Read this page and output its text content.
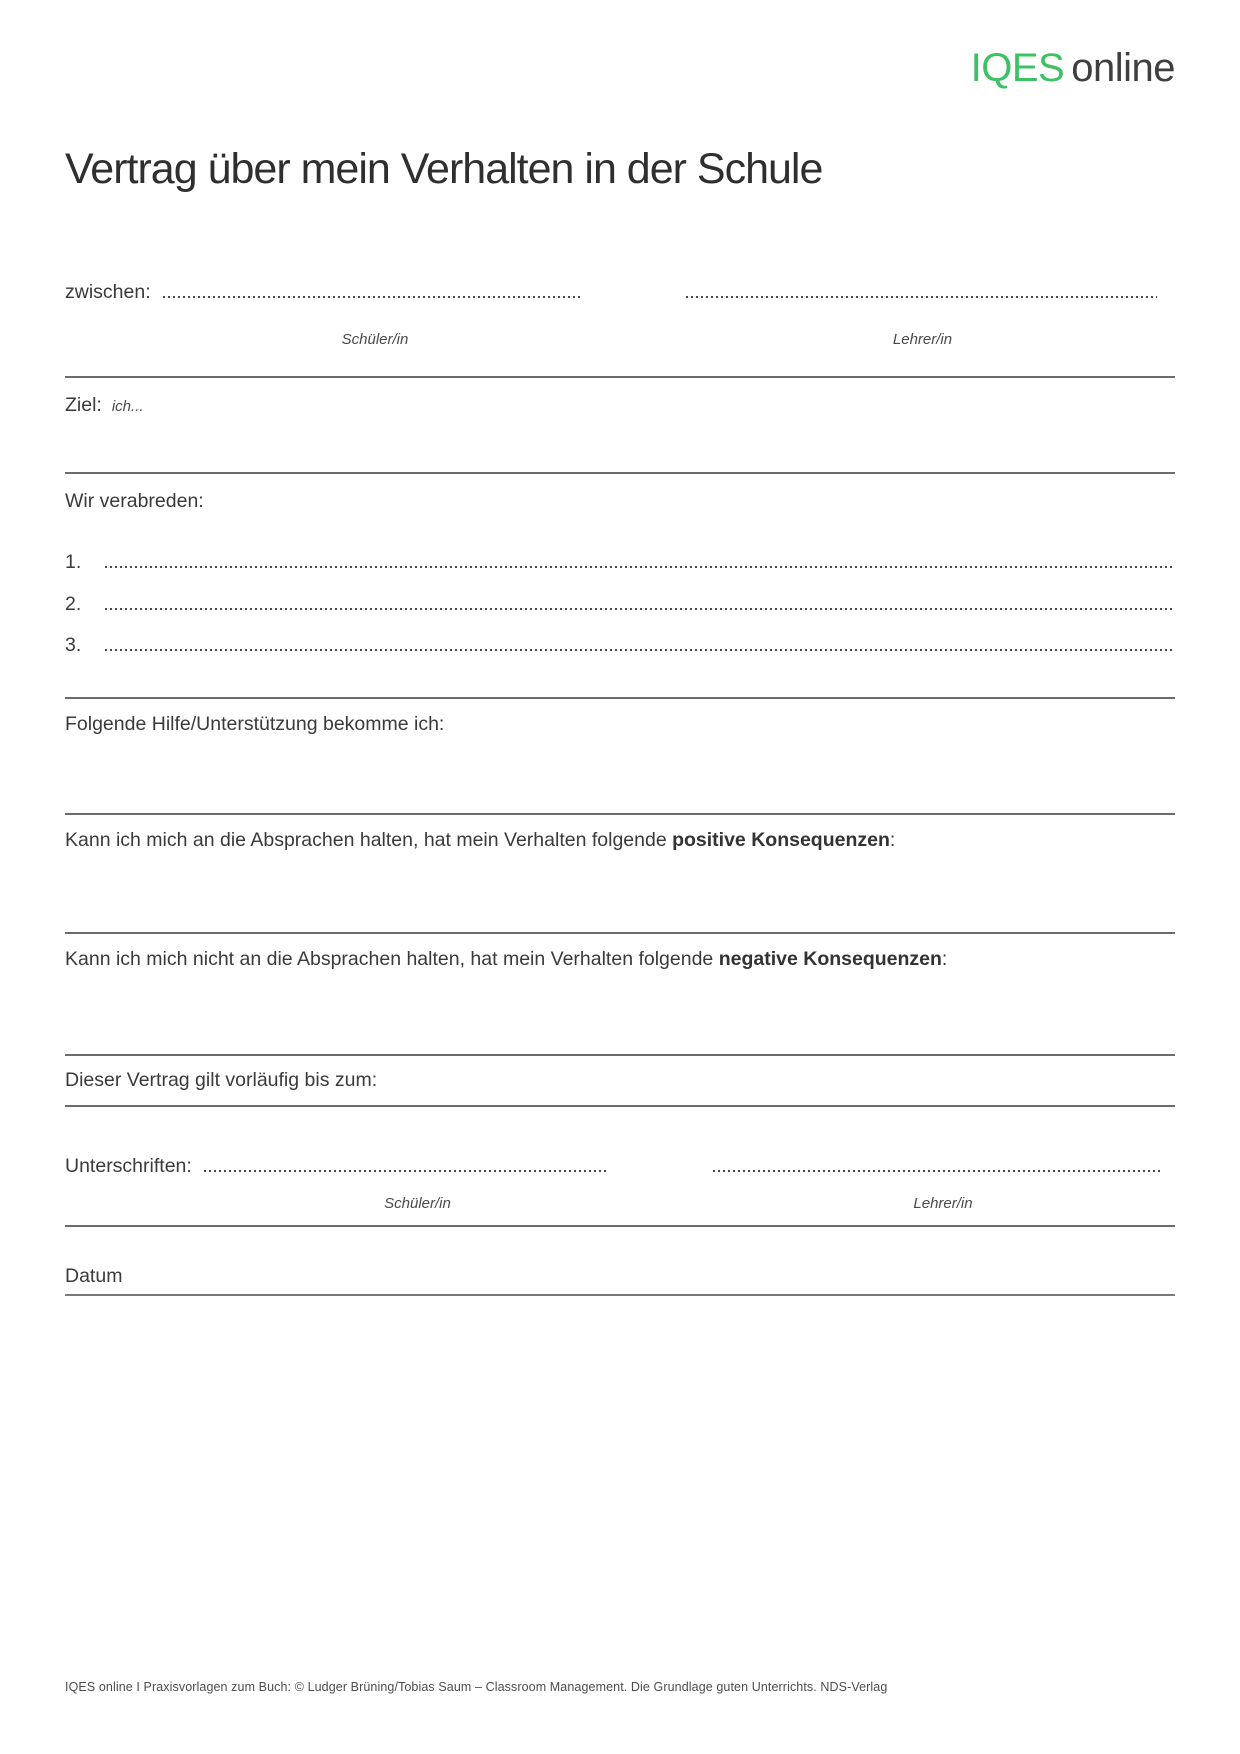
IQES online
Vertrag über mein Verhalten in der Schule
zwischen:
Schüler/in	Lehrer/in
Ziel: ich...
Wir verabreden:
1.
2.
3.
Folgende Hilfe/Unterstützung bekomme ich:
Kann ich mich an die Absprachen halten, hat mein Verhalten folgende positive Konsequenzen:
Kann ich mich nicht an die Absprachen halten, hat mein Verhalten folgende negative Konsequenzen:
Dieser Vertrag gilt vorläufig bis zum:
Unterschriften:
Schüler/in	Lehrer/in
Datum
IQES online I Praxisvorlagen zum Buch: © Ludger Brüning/Tobias Saum – Classroom Management. Die Grundlage guten Unterrichts. NDS-Verlag
